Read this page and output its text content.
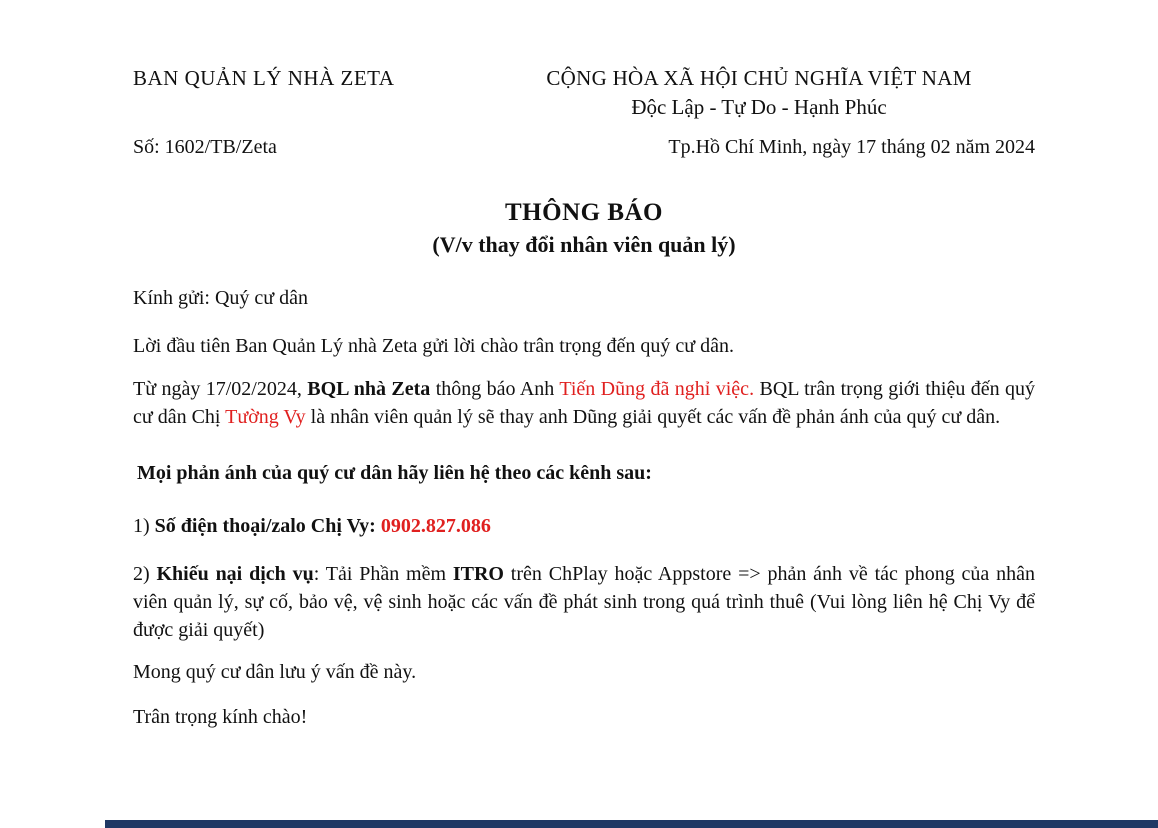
BAN QUẢN LÝ NHÀ ZETA	CỘNG HÒA XÃ HỘI CHỦ NGHĨA VIỆT NAM
Độc Lập - Tự Do - Hạnh Phúc
Số: 1602/TB/Zeta	Tp.Hồ Chí Minh, ngày 17 tháng 02 năm 2024
THÔNG BÁO
(V/v thay đổi nhân viên quản lý)
Kính gửi: Quý cư dân
Lời đầu tiên Ban Quản Lý nhà Zeta gửi lời chào trân trọng đến quý cư dân.
Từ ngày 17/02/2024, BQL nhà Zeta thông báo Anh Tiến Dũng đã nghỉ việc. BQL trân trọng giới thiệu đến quý cư dân Chị Tường Vy là nhân viên quản lý sẽ thay anh Dũng giải quyết các vấn đề phản ánh của quý cư dân.
Mọi phản ánh của quý cư dân hãy liên hệ theo các kênh sau:
1) Số điện thoại/zalo Chị Vy: 0902.827.086
2) Khiếu nại dịch vụ: Tải Phần mềm ITRO trên ChPlay hoặc Appstore => phản ánh về tác phong của nhân viên quản lý, sự cố, bảo vệ, vệ sinh hoặc các vấn đề phát sinh trong quá trình thuê (Vui lòng liên hệ Chị Vy để được giải quyết)
Mong quý cư dân lưu ý vấn đề này.
Trân trọng kính chào!
